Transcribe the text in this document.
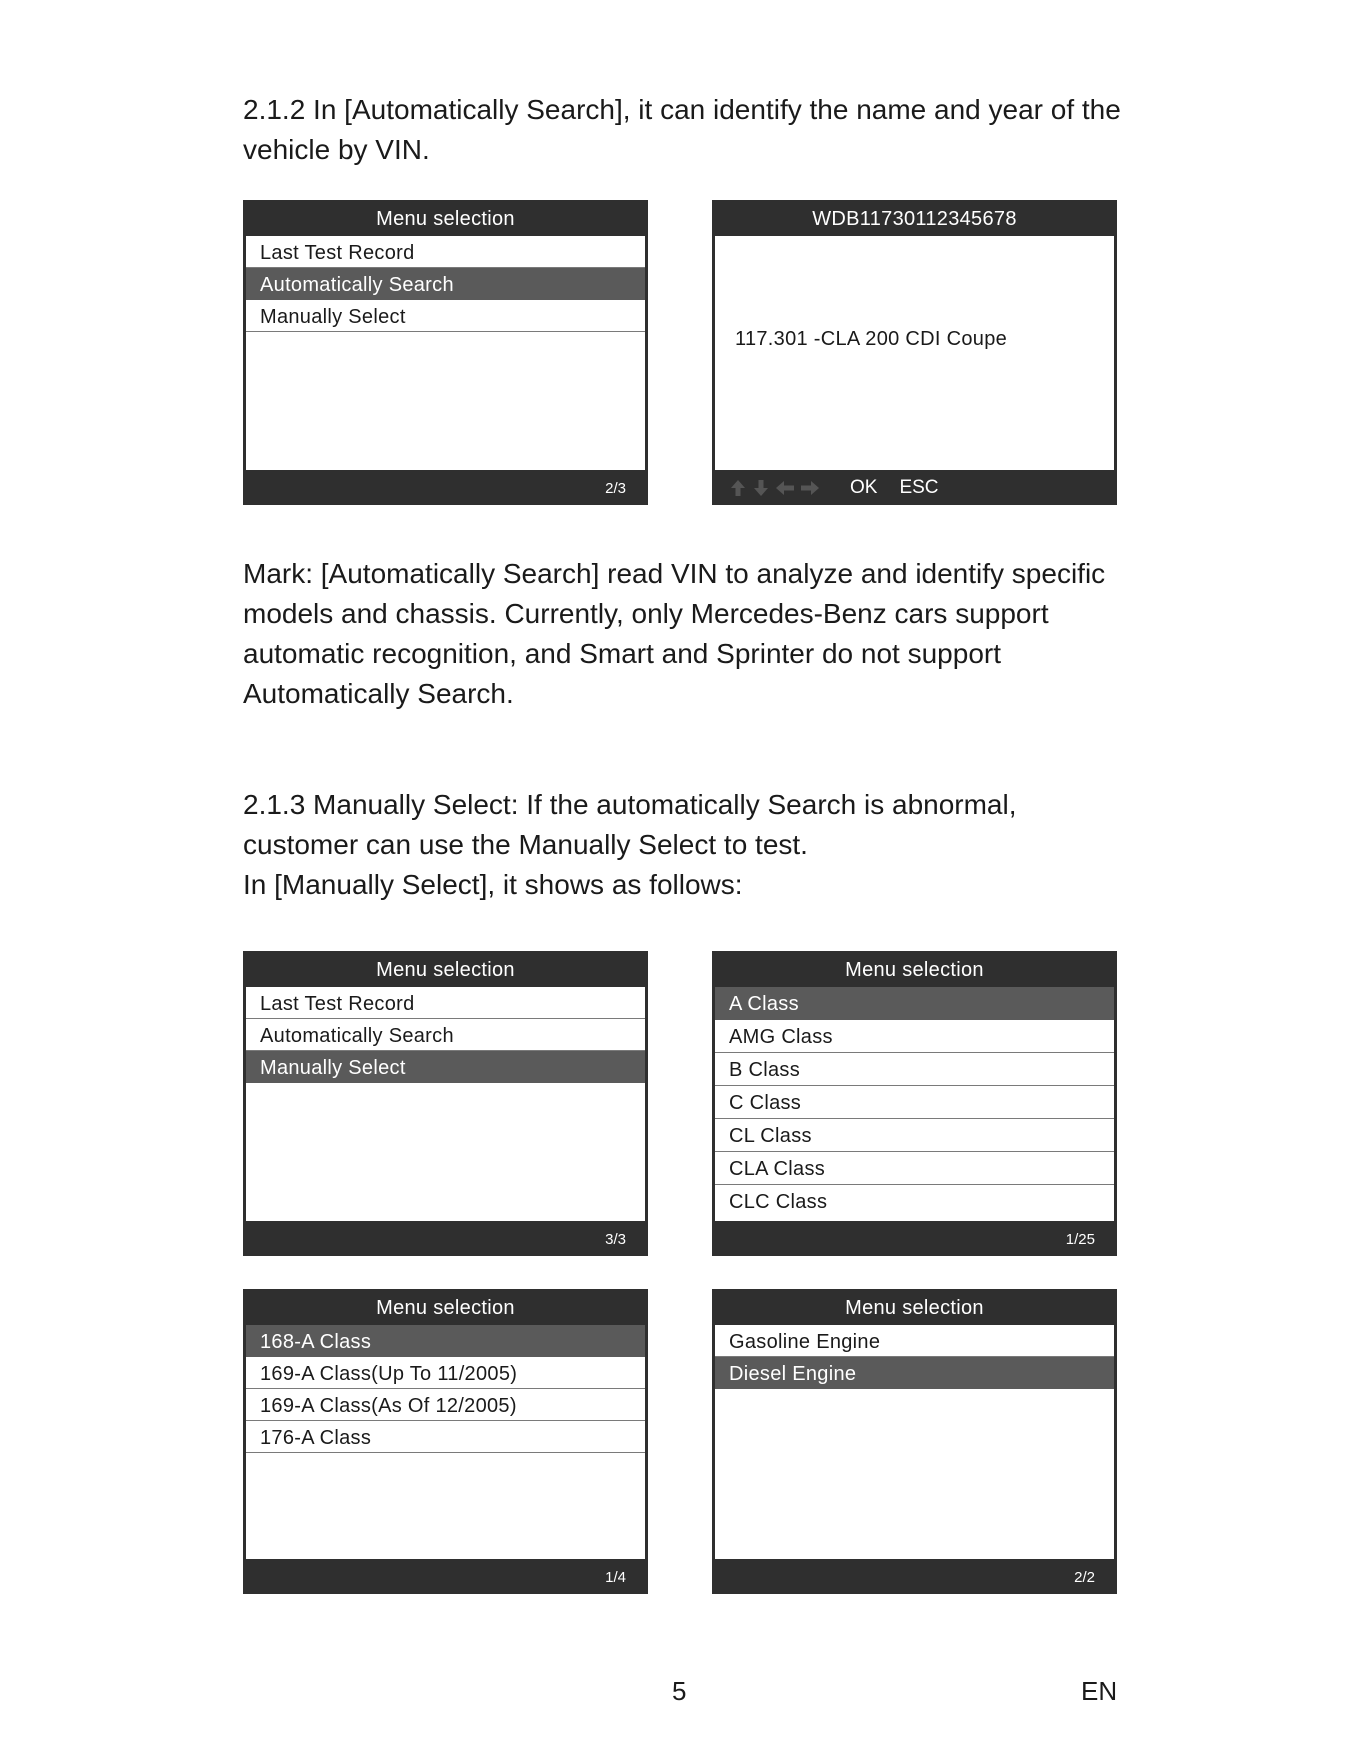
2.1.2 In [Automatically Search], it can identify the name and year of the vehicle by VIN.

Menu selection
Last Test Record
Automatically Search
Manually Select
2/3
WDB11730112345678
117.301 -CLA 200 CDI Coupe
OK ESC

Mark: [Automatically Search] read VIN to analyze and identify specific models and chassis. Currently, only Mercedes-Benz cars support automatic recognition, and Smart and Sprinter do not support Automatically Search.

2.1.3 Manually Select: If the automatically Search is abnormal, customer can use the Manually Select to test.

In [Manually Select], it shows as follows:

Menu selection
Last Test Record
Automatically Search
Manually Select
3/3
Menu selection
A Class
AMG Class
B Class
C Class
CL Class
CLA Class
CLC Class
1/25
Menu selection
168-A Class
169-A Class(Up To 11/2005)
169-A Class(As Of 12/2005)
176-A Class
1/4
Menu selection
Gasoline Engine
Diesel Engine
2/2
5	EN
